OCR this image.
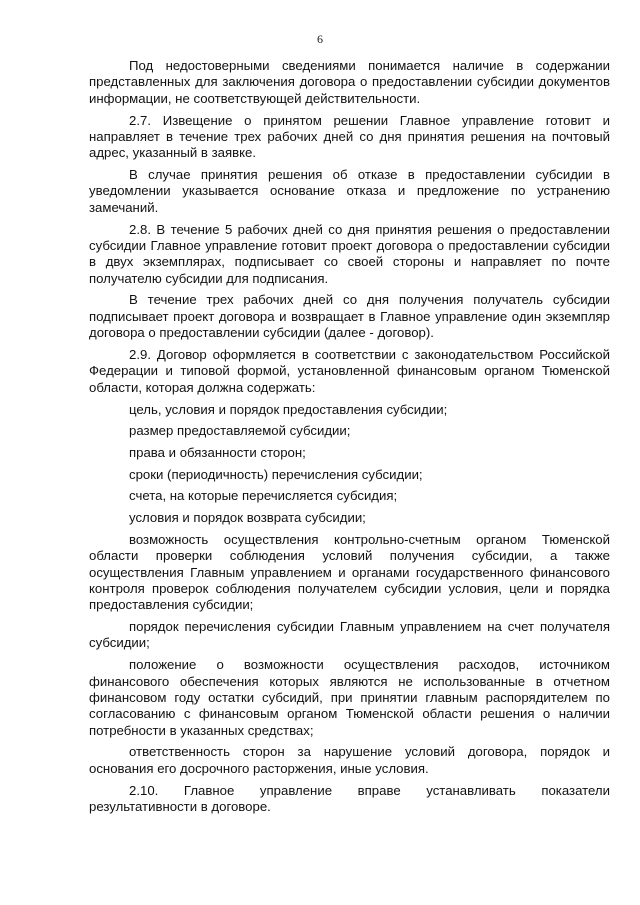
6

Под недостоверными сведениями понимается наличие в содержании представленных для заключения договора о предоставлении субсидии документов информации, не соответствующей действительности.

2.7. Извещение о принятом решении Главное управление готовит и направляет в течение трех рабочих дней со дня принятия решения на почтовый адрес, указанный в заявке.

В случае принятия решения об отказе в предоставлении субсидии в уведомлении указывается основание отказа и предложение по устранению замечаний.

2.8. В течение 5 рабочих дней со дня принятия решения о предоставлении субсидии Главное управление готовит проект договора о предоставлении субсидии в двух экземплярах, подписывает со своей стороны и направляет по почте получателю субсидии для подписания.

В течение трех рабочих дней со дня получения получатель субсидии подписывает проект договора и возвращает в Главное управление один экземпляр договора о предоставлении субсидии (далее - договор).

2.9. Договор оформляется в соответствии с законодательством Российской Федерации и типовой формой, установленной финансовым органом Тюменской области, которая должна содержать:

цель, условия и порядок предоставления субсидии;

размер предоставляемой субсидии;

права и обязанности сторон;

сроки (периодичность) перечисления субсидии;

счета, на которые перечисляется субсидия;

условия и порядок возврата субсидии;

возможность осуществления контрольно-счетным органом Тюменской области проверки соблюдения условий получения субсидии, а также осуществления Главным управлением и органами государственного финансового контроля проверок соблюдения получателем субсидии условия, цели и порядка предоставления субсидии;

порядок перечисления субсидии Главным управлением на счет получателя субсидии;

положение о возможности осуществления расходов, источником финансового обеспечения которых являются не использованные в отчетном финансовом году остатки субсидий, при принятии главным распорядителем по согласованию с финансовым органом Тюменской области решения о наличии потребности в указанных средствах;

ответственность сторон за нарушение условий договора, порядок и основания его досрочного расторжения, иные условия.

2.10. Главное управление вправе устанавливать показатели результативности в договоре.
